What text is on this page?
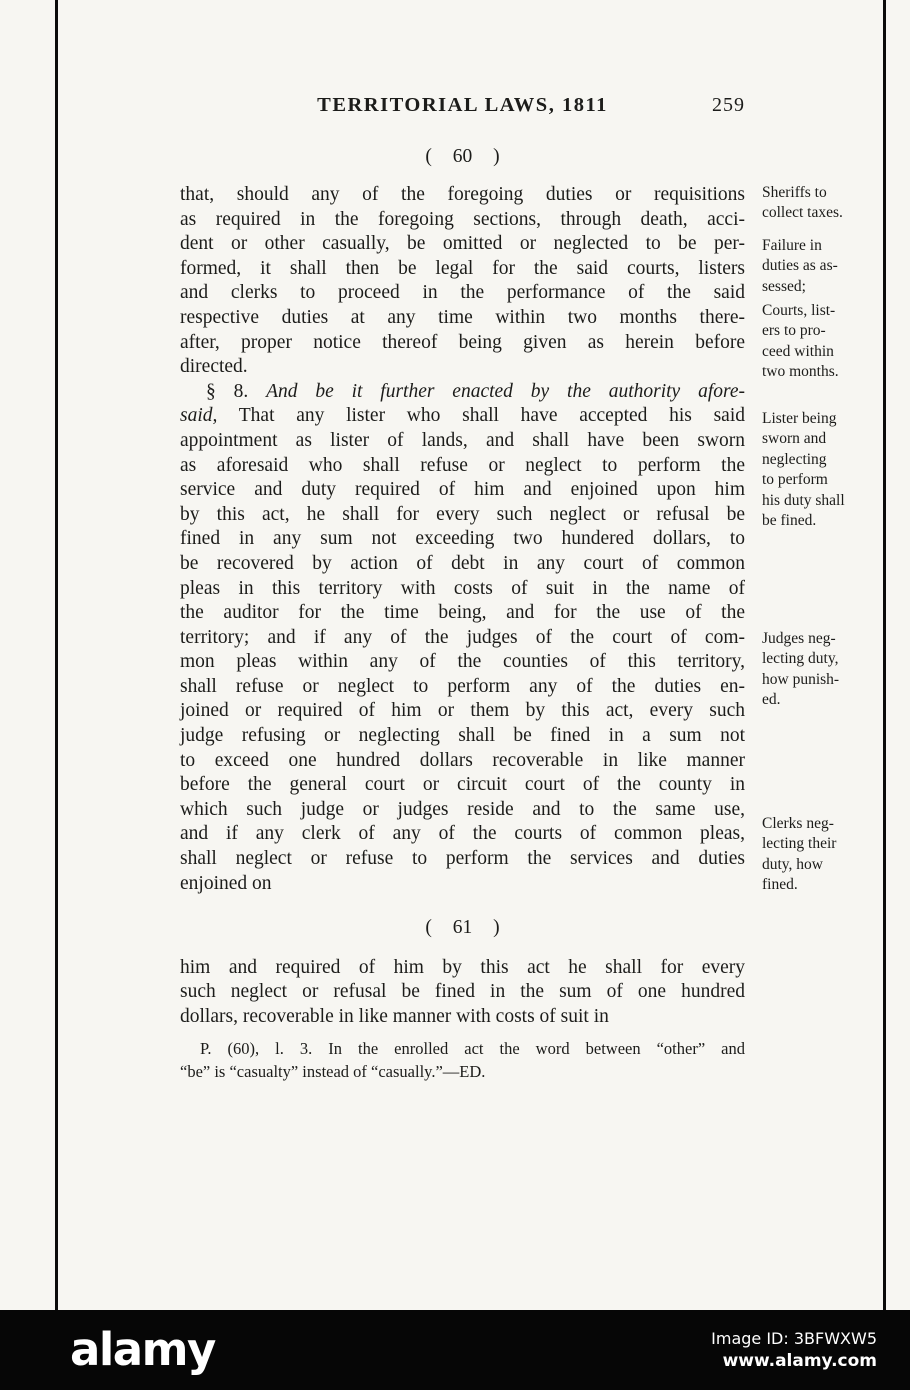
TERRITORIAL LAWS, 1811	259
( 60 )
that, should any of the foregoing duties or requisitions
as required in the foregoing sections, through death, acci-
dent or other casually, be omitted or neglected to be per-
formed, it shall then be legal for the said courts, listers
and clerks to proceed in the performance of the said
respective duties at any time within two months there-
after, proper notice thereof being given as herein before
directed.
§ 8. And be it further enacted by the authority afore-
said, That any lister who shall have accepted his said
appointment as lister of lands, and shall have been sworn
as aforesaid who shall refuse or neglect to perform the
service and duty required of him and enjoined upon him
by this act, he shall for every such neglect or refusal be
fined in any sum not exceeding two hundered dollars, to
be recovered by action of debt in any court of common
pleas in this territory with costs of suit in the name of
the auditor for the time being, and for the use of the
territory; and if any of the judges of the court of com-
mon pleas within any of the counties of this territory,
shall refuse or neglect to perform any of the duties en-
joined or required of him or them by this act, every such
judge refusing or neglecting shall be fined in a sum not
to exceed one hundred dollars recoverable in like manner
before the general court or circuit court of the county in
which such judge or judges reside and to the same use,
and if any clerk of any of the courts of common pleas,
shall neglect or refuse to perform the services and duties
enjoined on
( 61 )
him and required of him by this act he shall for every
such neglect or refusal be fined in the sum of one hundred
dollars, recoverable in like manner with costs of suit in
P. (60), l. 3. In the enrolled act the word between “other” and
“be” is “casualty” instead of “casually.”—ED.
Sheriffs to
collect taxes.
Failure in
duties as as-
sessed;
Courts, list-
ers to pro-
ceed within
two months.
Lister being
sworn and
neglecting
to perform
his duty shall
be fined.
Judges neg-
lecting duty,
how punish-
ed.
Clerks neg-
lecting their
duty, how
fined.
alamy	Image ID: 3BFWXW5
www.alamy.com
